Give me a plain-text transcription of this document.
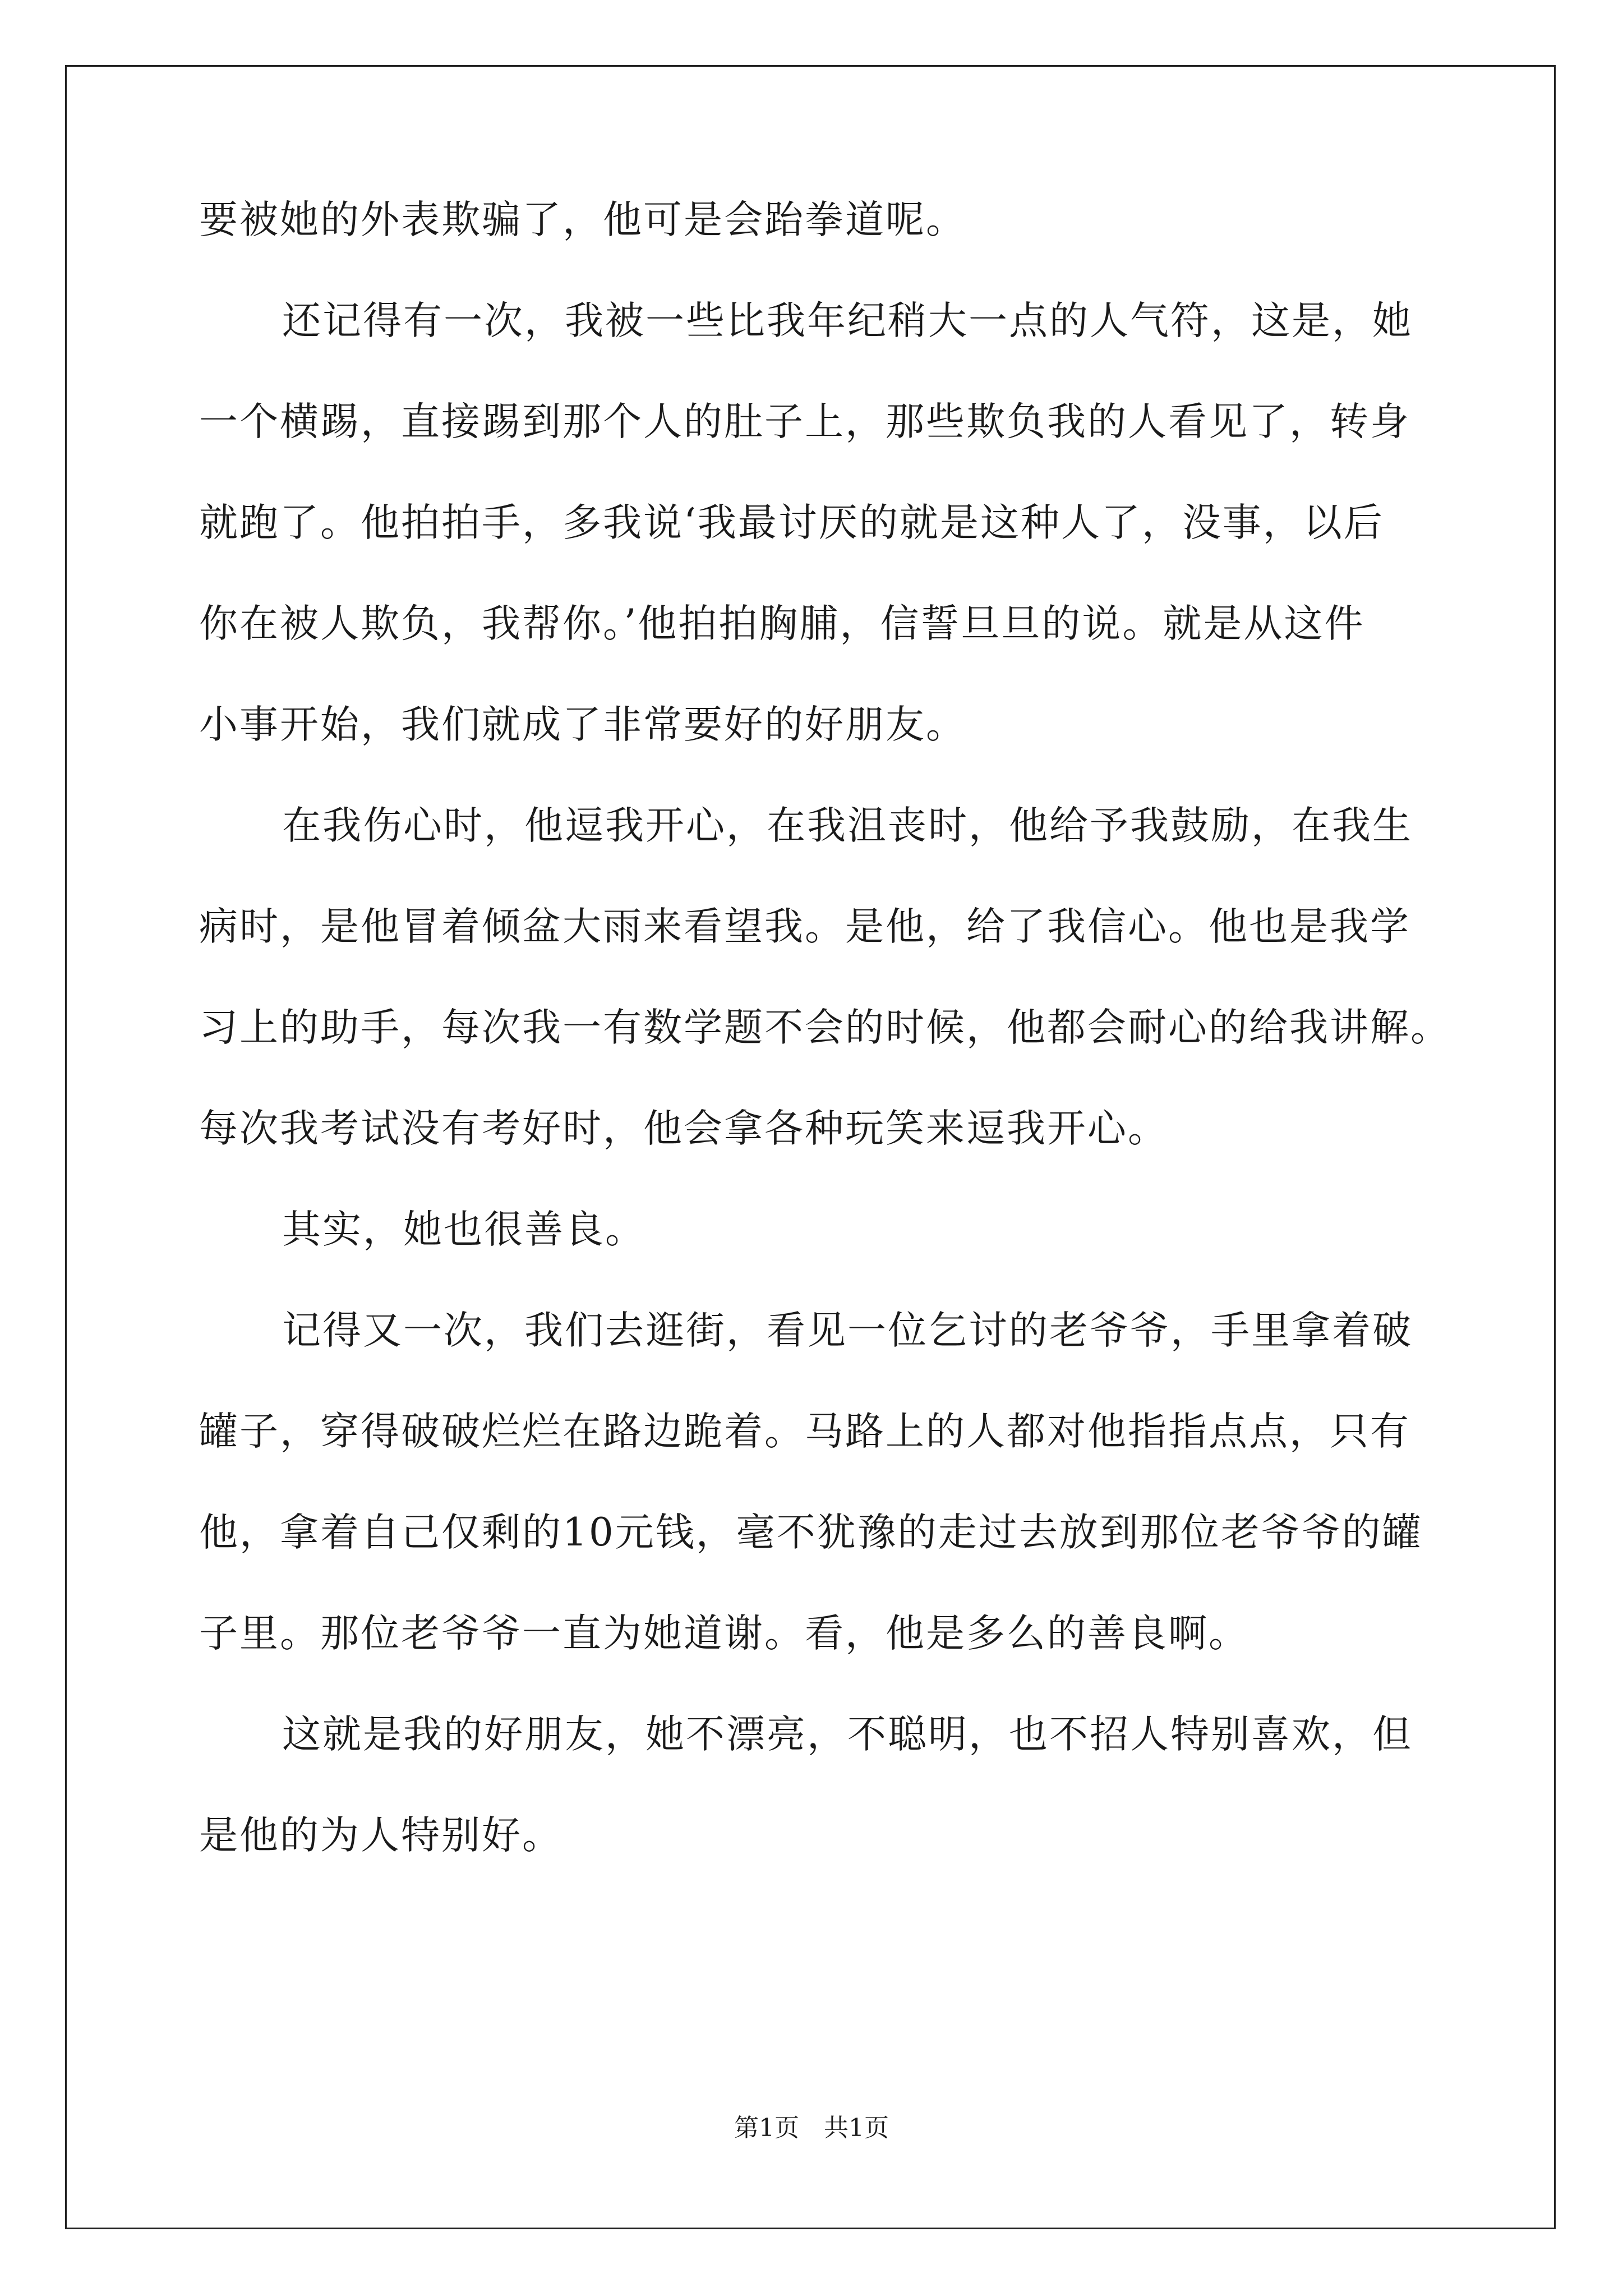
要被她的外表欺骗了，他可是会跆拳道呢。
还记得有一次，我被一些比我年纪稍大一点的人气符，这是，她
一个横踢，直接踢到那个人的肚子上，那些欺负我的人看见了，转身
就跑了。他拍拍手，多我说‘我最讨厌的就是这种人了，没事，以后
你在被人欺负，我帮你。’他拍拍胸脯，信誓旦旦的说。就是从这件
小事开始，我们就成了非常要好的好朋友。
在我伤心时，他逗我开心，在我沮丧时，他给予我鼓励，在我生
病时，是他冒着倾盆大雨来看望我。是他，给了我信心。他也是我学
习上的助手，每次我一有数学题不会的时候，他都会耐心的给我讲解。
每次我考试没有考好时，他会拿各种玩笑来逗我开心。
其实，她也很善良。
记得又一次，我们去逛街，看见一位乞讨的老爷爷，手里拿着破
罐子，穿得破破烂烂在路边跪着。马路上的人都对他指指点点，只有
他，拿着自己仅剩的10元钱，毫不犹豫的走过去放到那位老爷爷的罐
子里。那位老爷爷一直为她道谢。看，他是多么的善良啊。
这就是我的好朋友，她不漂亮，不聪明，也不招人特别喜欢，但
是他的为人特别好。
第1页　共1页
